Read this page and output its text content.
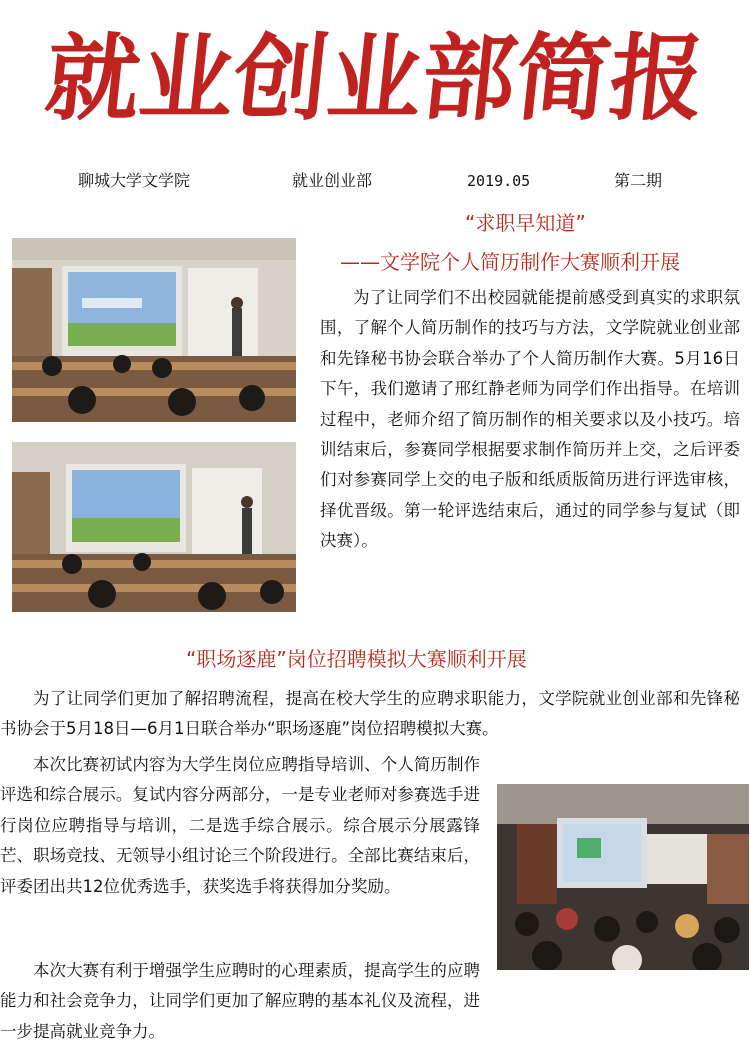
就业创业部简报
聊城大学文学院	就业创业部	2019.05	第二期
“求职早知道”
——文学院个人简历制作大赛顺利开展

为了让同学们不出校园就能提前感受到真实的求职氛围，了解个人简历制作的技巧与方法，文学院就业创业部和先锋秘书协会联合举办了个人简历制作大赛。5月16日下午，我们邀请了邢红静老师为同学们作出指导。在培训过程中，老师介绍了简历制作的相关要求以及小技巧。培训结束后，参赛同学根据要求制作简历并上交，之后评委们对参赛同学上交的电子版和纸质版简历进行评选审核，择优晋级。第一轮评选结束后，通过的同学参与复试（即决赛）。

“职场逐鹿”岗位招聘模拟大赛顺利开展

为了让同学们更加了解招聘流程，提高在校大学生的应聘求职能力，文学院就业创业部和先锋秘书协会于5月18日—6月1日联合举办“职场逐鹿”岗位招聘模拟大赛。

本次比赛初试内容为大学生岗位应聘指导培训、个人简历制作评选和综合展示。复试内容分两部分，一是专业老师对参赛选手进行岗位应聘指导与培训，二是选手综合展示。综合展示分展露锋芒、职场竞技、无领导小组讨论三个阶段进行。全部比赛结束后，评委团出共12位优秀选手，获奖选手将获得加分奖励。

本次大赛有利于增强学生应聘时的心理素质，提高学生的应聘能力和社会竞争力，让同学们更加了解应聘的基本礼仪及流程，进一步提高就业竞争力。
